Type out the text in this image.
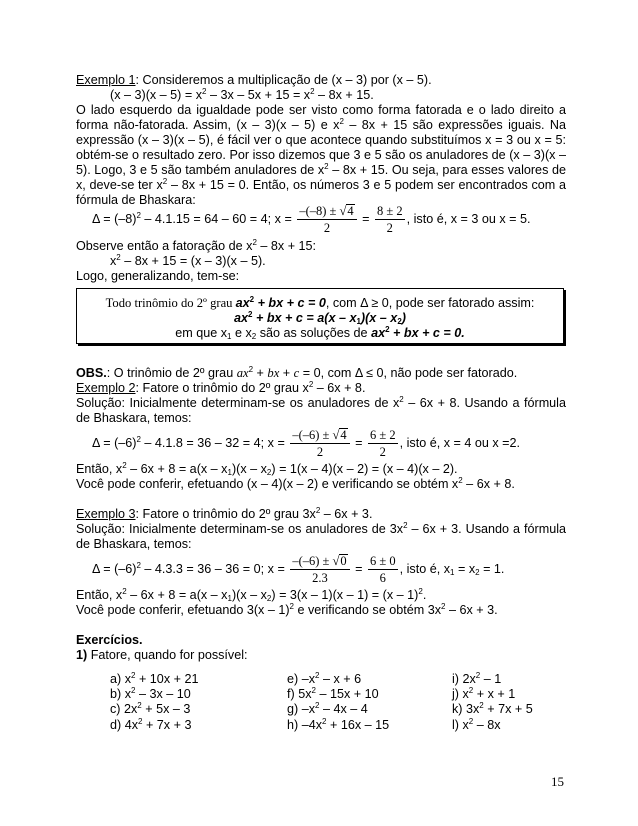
Exemplo 1: Consideremos a multiplicação de (x – 3) por (x – 5).
$(x - 3)(x - 5) = x^2 - 3x - 5x + 15 = x^2 - 8x + 15$.
O lado esquerdo da igualdade pode ser visto como forma fatorada e o lado direito a
forma não-fatorada. Assim, (x – 3)(x – 5) e $x^2 - 8x + 15$ são expressões iguais. Na
expressão (x – 3)(x – 5), é fácil ver o que acontece quando substituímos x = 3 ou x = 5:
obtém-se o resultado zero. Por isso dizemos que 3 e 5 são os anuladores de (x – 3)(x –
5). Logo, 3 e 5 são também anuladores de $x^2 - 8x + 15$. Ou seja, para esses valores de
x, deve-se ter $x^2 - 8x + 15 = 0$. Então, os números 3 e 5 podem ser encontrados com a
fórmula de Bhaskara:
$\Delta = (-8)^2 - 4.1.15 = 64 - 60 = 4$; $x = \frac{-(-8) \pm √4}{2} = \frac{8 \pm 2}{2}$ , isto é, x = 3 ou x = 5.
Observe então a fatoração de $x^2 - 8x + 15$:
$x^2 - 8x + 15 = (x - 3)(x - 5)$.
Logo, generalizando, tem-se:
Todo trinômio do 2º grau $ax^2$ + bx + c = 0, com Δ ≥ 0, pode ser fatorado assim:
$ax^2$ + bx + $c = a(x - x_1)(x - x_2)$
em que $x_1$ e $x_2$ são as soluções de $ax^2$ + bx + c = 0.
OBS.: O trinômio de 2º grau $ax^2$ + bx + c = 0, com Δ ≤ 0, não pode ser fatorado.
Exemplo 2: Fatore o trinômio do 2º grau $x^2 - 6x + 8$.
Solução: Inicialmente determinam-se os anuladores de $x^2 - 6x + 8$. Usando a fórmula
de Bhaskara, temos:
$\Delta = (-6)^2 - 4.1.8 = 36 - 32 = 4$; $x = \frac{-(-6) \pm √4}{2} = \frac{6 \pm 2}{2}$ , isto é, x = 4 ou x =2.
Então, $x^2 - 6x + 8 = a(x - x_1)(x - x_2) = 1(x - 4)(x - 2) = (x - 4)(x - 2)$.
Você pode conferir, efetuando (x – 4)(x – 2) e verificando se obtém $x^2 - 6x + 8$.
Exemplo 3: Fatore o trinômio do 2º grau $3x^2 - 6x + 3$.
Solução: Inicialmente determinam-se os anuladores de $3x^2 - 6x + 3$. Usando a fórmula
de Bhaskara, temos:
$\Delta = (-6)^2 - 4.3.3 = 36 - 36 = 0$; $x = \frac{-(-6) \pm √0}{2.3} = \frac{6 \pm 0}{6}$ , isto é, $x_1 = x_2 = 1$.
Então, $x^2 - 6x + 8 = a(x - x_1)(x - x_2) = 3(x - 1)(x - 1) = (x - 1)^2$.
Você pode conferir, efetuando 3(x – 1)$^2$ e verificando se obtém $3x^2 - 6x + 3$.
Exercícios.
1) Fatore, quando for possível:
a) $x^2 + 10x + 21$
b) $x^2 - 3x - 10$
c) $2x^2 + 5x - 3$
d) $4x^2 + 7x + 3$
e) $-x^2 - x + 6$
f) $5x^2 - 15x + 10$
g) $-x^2 - 4x - 4$
h) $-4x^2 + 16x - 15$
i) $2x^2 - 1$
j) $x^2 + x + 1$
k) $3x^2 + 7x + 5$
l) $x^2 - 8x$
15
